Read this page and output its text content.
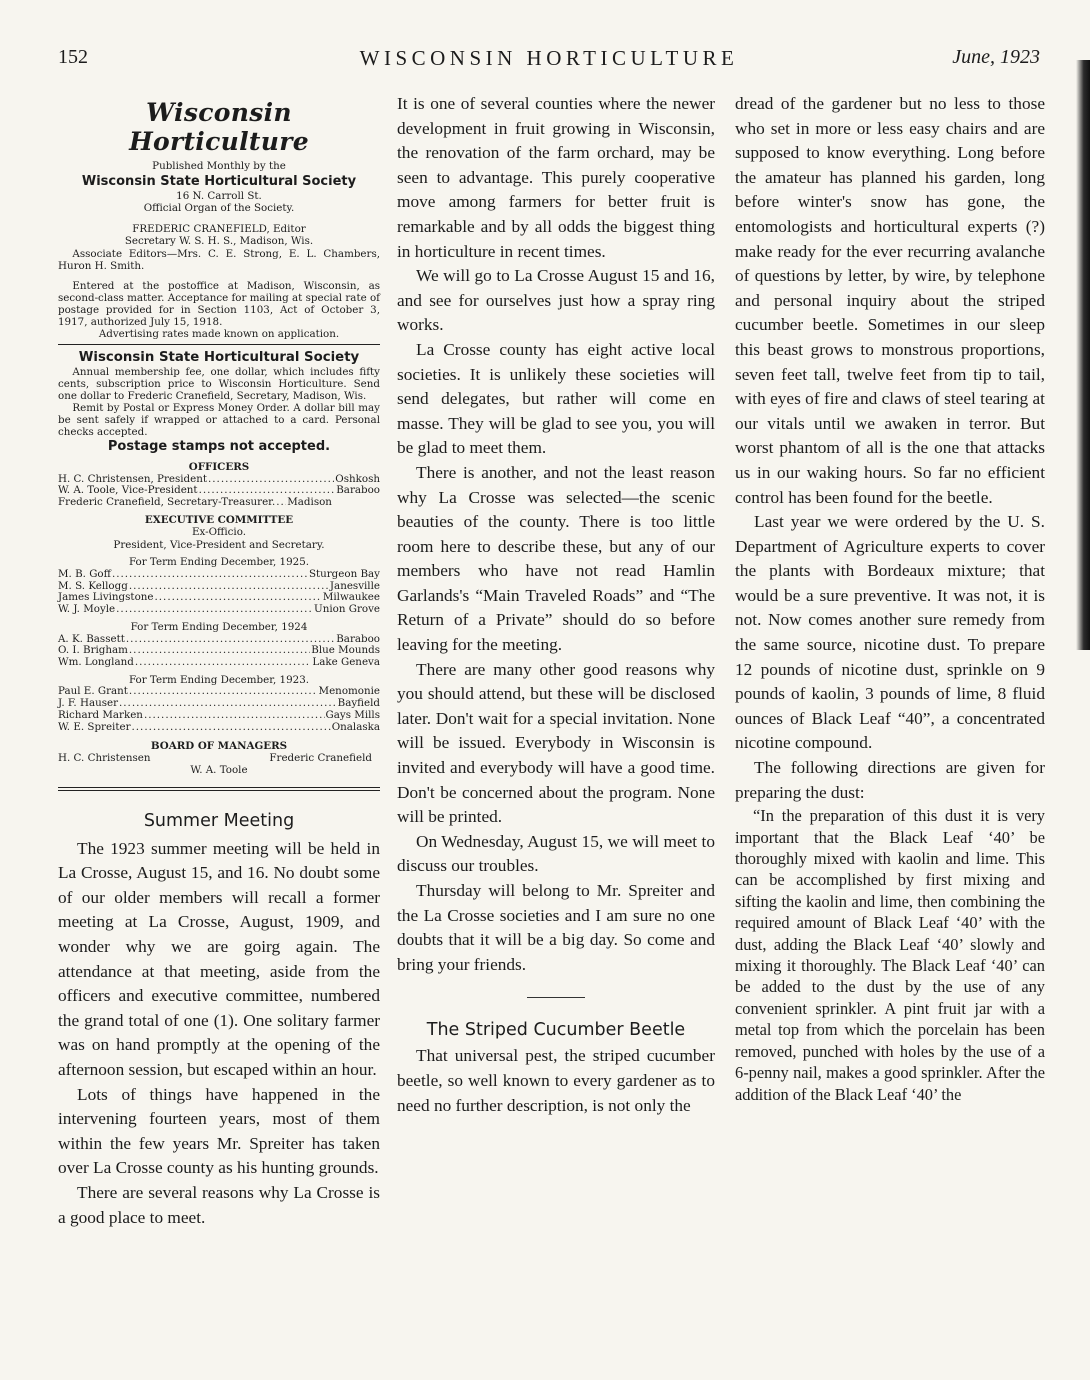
152	WISCONSIN HORTICULTURE	June, 1923
Wisconsin Horticulture

Published Monthly by the

Wisconsin State Horticultural Society

16 N. Carroll St.

Official Organ of the Society.

FREDERIC CRANEFIELD, Editor

Secretary W. S. H. S., Madison, Wis.

Associate Editors—Mrs. C. E. Strong, E. L. Chambers, Huron H. Smith.

Entered at the postoffice at Madison, Wisconsin, as second-class matter. Acceptance for mailing at special rate of postage provided for in Section 1103, Act of October 3, 1917, authorized July 15, 1918.

Advertising rates made known on application.

Wisconsin State Horticultural Society

Annual membership fee, one dollar, which includes fifty cents, subscription price to Wisconsin Horticulture. Send one dollar to Frederic Cranefield, Secretary, Madison, Wis.

Remit by Postal or Express Money Order. A dollar bill may be sent safely if wrapped or attached to a card. Personal checks accepted.

Postage stamps not accepted.

OFFICERS

H. C. Christensen, President .....	Oshkosh
W. A. Toole, Vice-President .....	Baraboo
Frederic Cranefield, Secretary-Treasurer. ..... Madison

EXECUTIVE COMMITTEE

Ex-Officio.

President, Vice-President and Secretary.

For Term Ending December, 1925.

M. B. Goff .....	Sturgeon Bay
M. S. Kellogg .....	Janesville
James Livingstone .....	Milwaukee
W. J. Moyle .....	Union Grove

For Term Ending December, 1924

A. K. Bassett .....	Baraboo
O. I. Brigham .....	Blue Mounds
Wm. Longland .....	Lake Geneva

For Term Ending December, 1923.

Paul E. Grant .....	Menomonie
J. F. Hauser .....	Bayfield
Richard Marken .....	Gays Mills
W. E. Spreiter .....	Onalaska

BOARD OF MANAGERS

H. C. Christensen	Frederic Cranefield

W. A. Toole

Summer Meeting

The 1923 summer meeting will be held in La Crosse, August 15, and 16. No doubt some of our older members will recall a former meeting at La Crosse, August, 1909, and wonder why we are goirg again. The attendance at that meeting, aside from the officers and executive committee, numbered the grand total of one (1). One solitary farmer was on hand promptly at the opening of the afternoon session, but escaped within an hour.

Lots of things have happened in the intervening fourteen years, most of them within the few years Mr. Spreiter has taken over La Crosse county as his hunting grounds.

There are several reasons why La Crosse is a good place to meet.

It is one of several counties where the newer development in fruit growing in Wisconsin, the renovation of the farm orchard, may be seen to advantage. This purely cooperative move among farmers for better fruit is remarkable and by all odds the biggest thing in horticulture in recent times.

We will go to La Crosse August 15 and 16, and see for ourselves just how a spray ring works.

La Crosse county has eight active local societies. It is unlikely these societies will send delegates, but rather will come en masse. They will be glad to see you, you will be glad to meet them.

There is another, and not the least reason why La Crosse was selected—the scenic beauties of the county. There is too little room here to describe these, but any of our members who have not read Hamlin Garlands's “Main Traveled Roads” and “The Return of a Private” should do so before leaving for the meeting.

There are many other good reasons why you should attend, but these will be disclosed later. Don't wait for a special invitation. None will be issued. Everybody in Wisconsin is invited and everybody will have a good time. Don't be concerned about the program. None will be printed.

On Wednesday, August 15, we will meet to discuss our troubles.

Thursday will belong to Mr. Spreiter and the La Crosse societies and I am sure no one doubts that it will be a big day. So come and bring your friends.

The Striped Cucumber Beetle

That universal pest, the striped cucumber beetle, so well known to every gardener as to need no further description, is not only the

dread of the gardener but no less to those who set in more or less easy chairs and are supposed to know everything. Long before the amateur has planned his garden, long before winter's snow has gone, the entomologists and horticultural experts (?) make ready for the ever recurring avalanche of questions by letter, by wire, by telephone and personal inquiry about the striped cucumber beetle. Sometimes in our sleep this beast grows to monstrous proportions, seven feet tall, twelve feet from tip to tail, with eyes of fire and claws of steel tearing at our vitals until we awaken in terror. But worst phantom of all is the one that attacks us in our waking hours. So far no efficient control has been found for the beetle.

Last year we were ordered by the U. S. Department of Agriculture experts to cover the plants with Bordeaux mixture; that would be a sure preventive. It was not, it is not. Now comes another sure remedy from the same source, nicotine dust. To prepare 12 pounds of nicotine dust, sprinkle on 9 pounds of kaolin, 3 pounds of lime, 8 fluid ounces of Black Leaf “40”, a concentrated nicotine compound.

The following directions are given for preparing the dust:

“In the preparation of this dust it is very important that the Black Leaf ‘40’ be thoroughly mixed with kaolin and lime. This can be accomplished by first mixing and sifting the kaolin and lime, then combining the required amount of Black Leaf ‘40’ with the dust, adding the Black Leaf ‘40’ slowly and mixing it thoroughly. The Black Leaf ‘40’ can be added to the dust by the use of any convenient sprinkler. A pint fruit jar with a metal top from which the porcelain has been removed, punched with holes by the use of a 6-penny nail, makes a good sprinkler. After the addition of the Black Leaf ‘40’ the
